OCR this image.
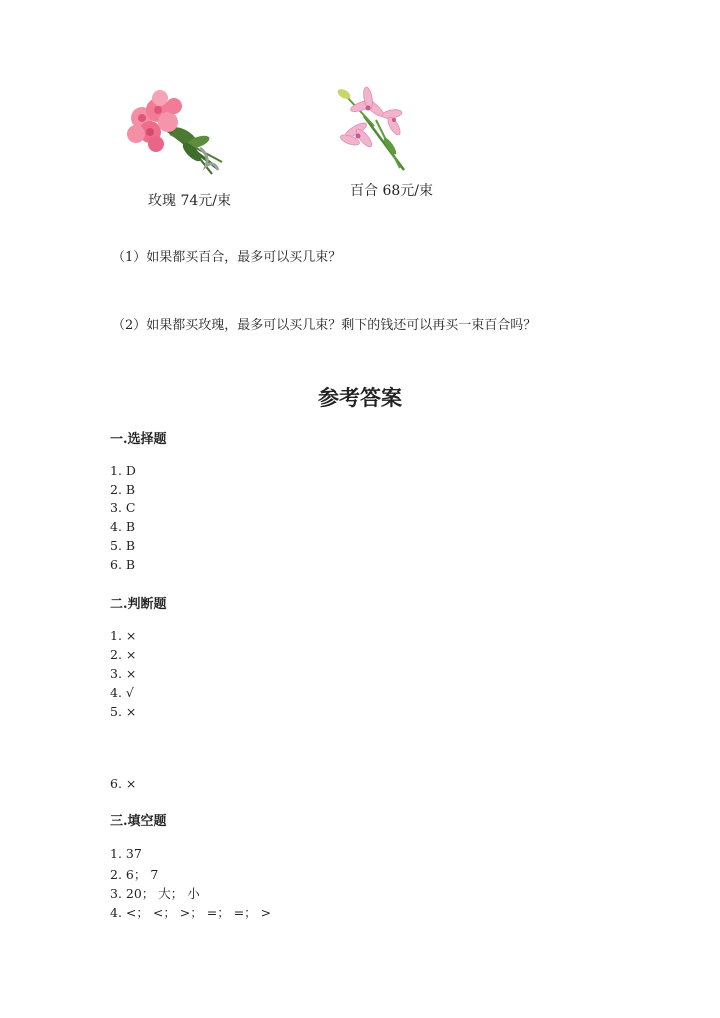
玫瑰 74元/束
百合 68元/束
（1）如果都买百合，最多可以买几束？
（2）如果都买玫瑰，最多可以买几束？剩下的钱还可以再买一束百合吗？
参考答案
一.选择题
1. D
2. B
3. C
4. B
5. B
6. B
二.判断题
1. ×
2. ×
3. ×
4. √
5. ×
6. ×
三.填空题
1. 37
2. 6； 7
3. 20； 大； 小
4. <； <； >； =； =； >
